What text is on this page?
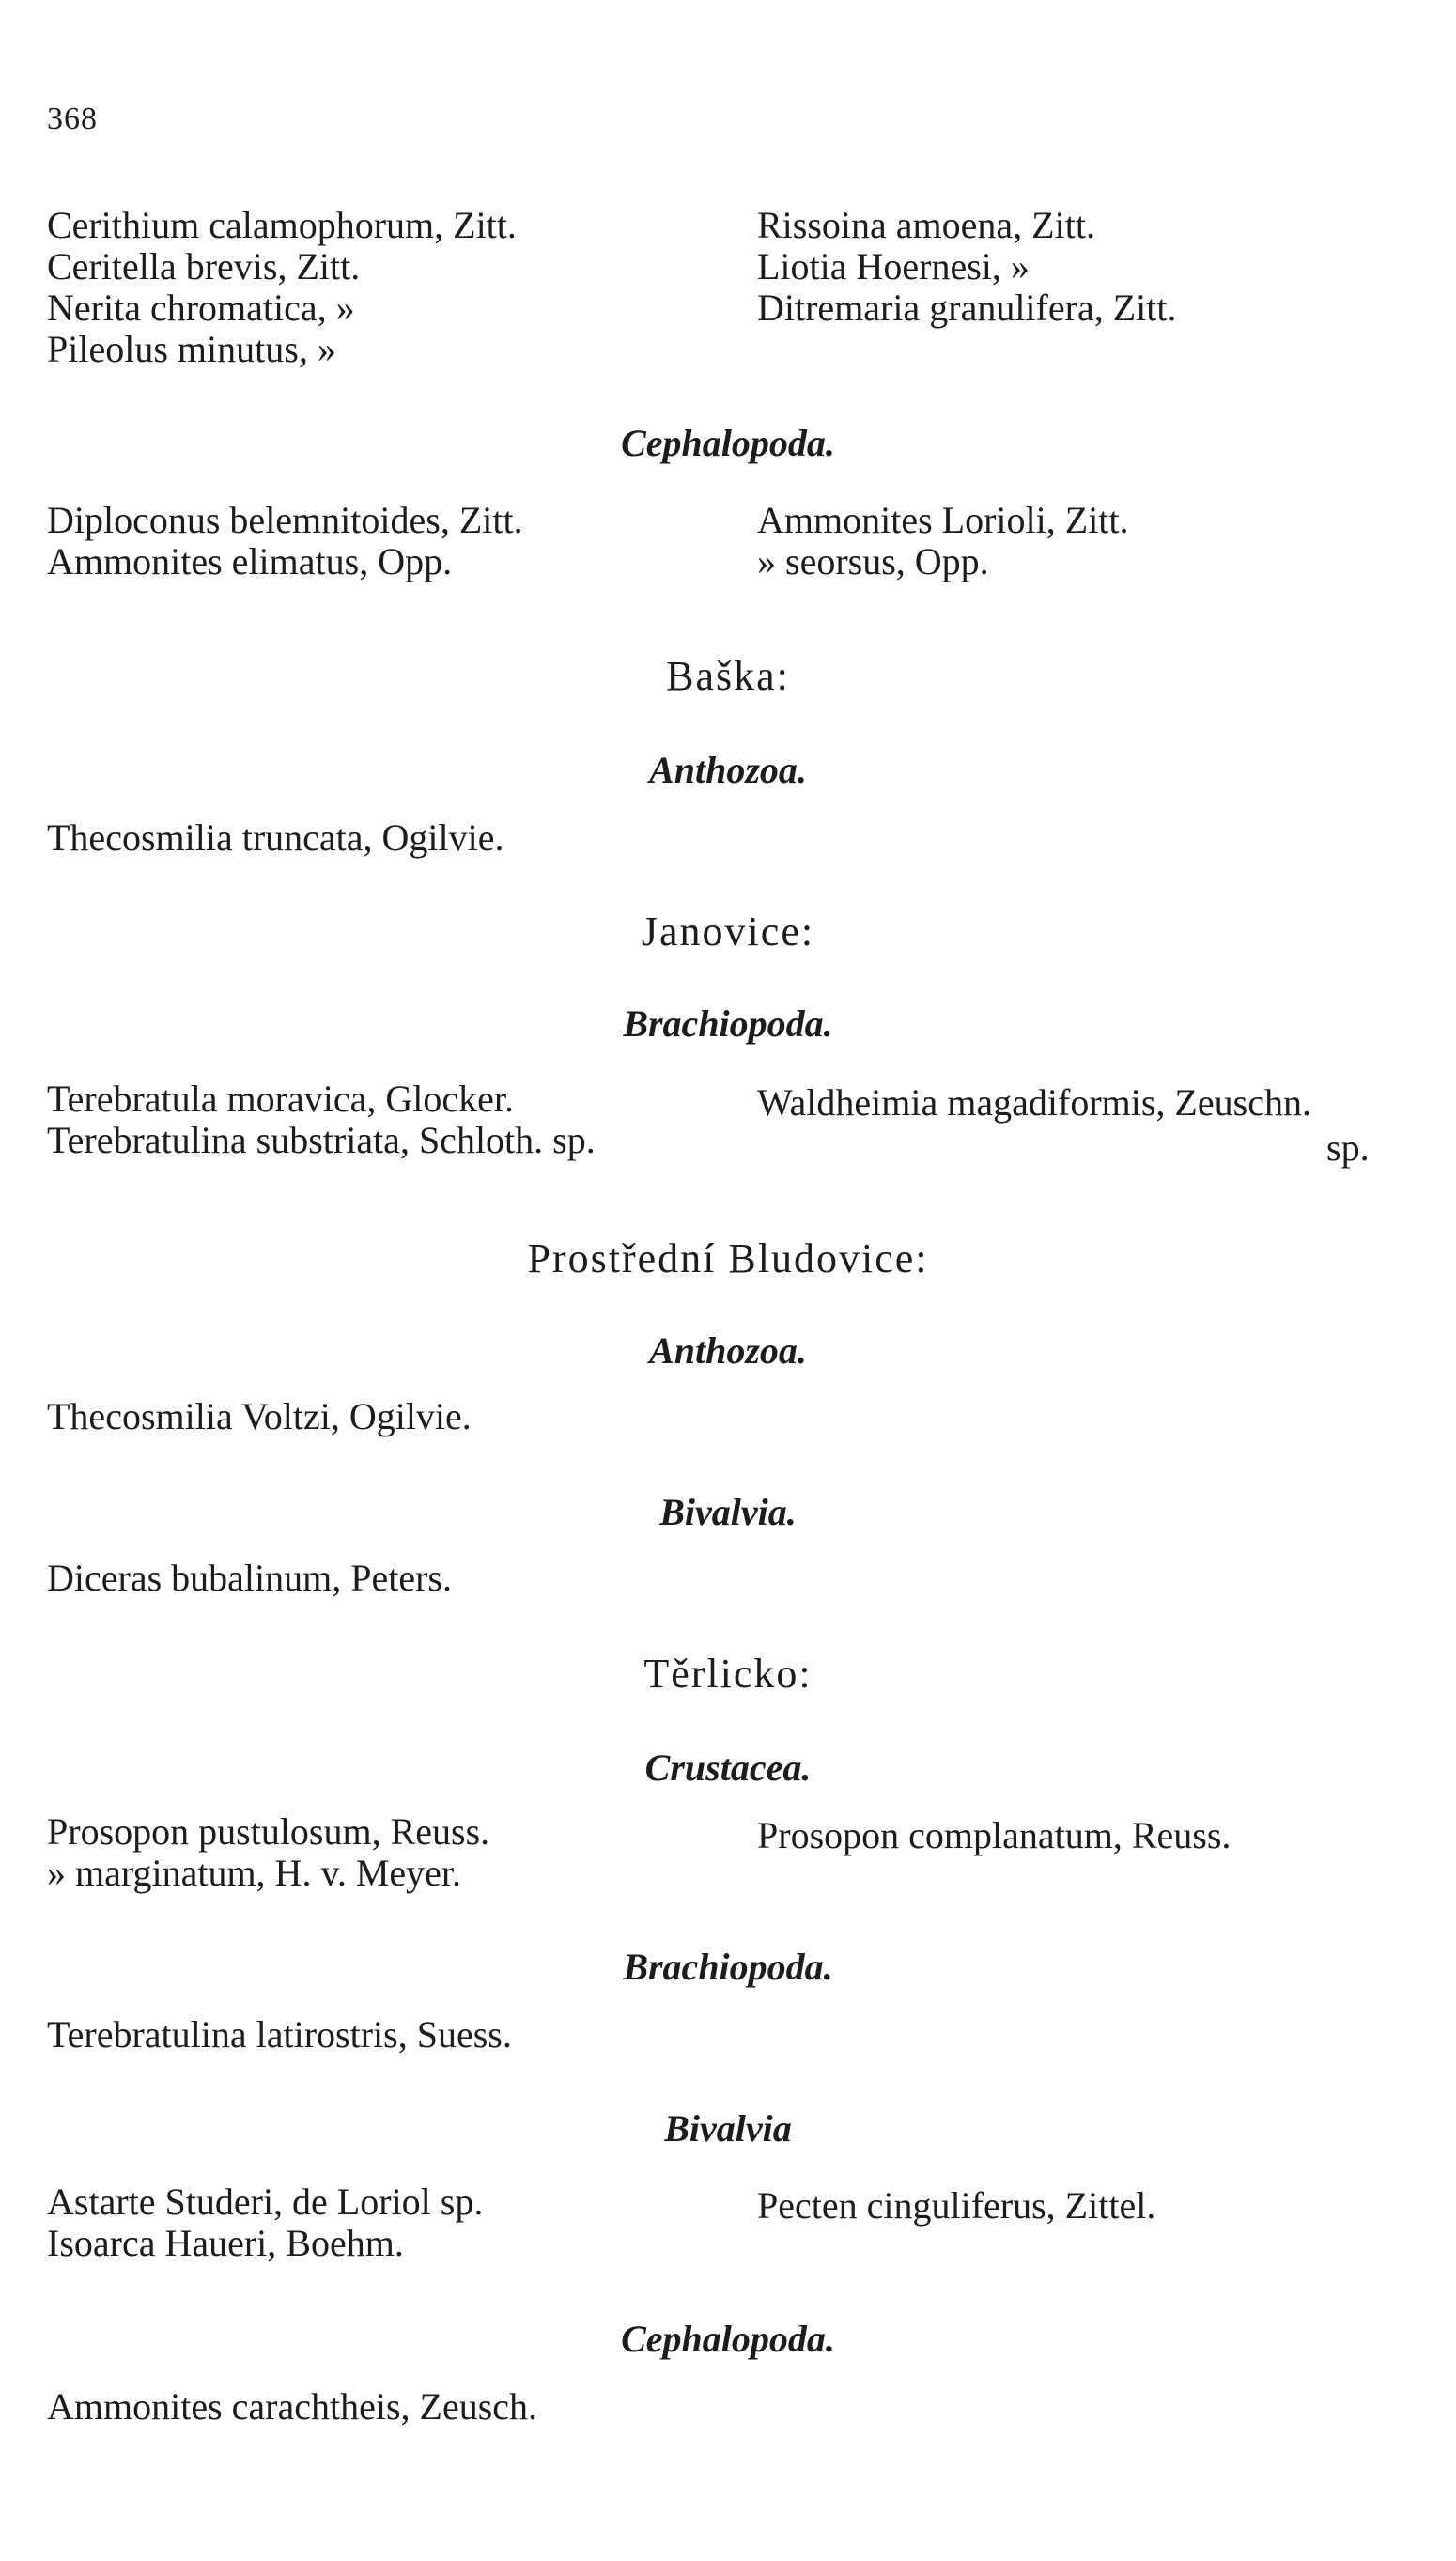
368
Cerithium calamophorum, Zitt.
Ceritella brevis, Zitt.
Nerita chromatica, »
Pileolus minutus, »
Rissoina amoena, Zitt.
Liotia Hoernesi, »
Ditremaria granulifera, Zitt.
Cephalopoda.
Diploconus belemnitoides, Zitt.
Ammonites elimatus, Opp.
Ammonites Lorioli, Zitt.
» seorsus, Opp.
Baška:
Anthozoa.
Thecosmilia truncata, Ogilvie.
Janovice:
Brachiopoda.
Terebratula moravica, Glocker.
Terebratulina substriata, Schloth. sp.
Waldheimia magadiformis, Zeuschn.
sp.
Prostřední Bludovice:
Anthozoa.
Thecosmilia Voltzi, Ogilvie.
Bivalvia.
Diceras bubalinum, Peters.
Těrlicko:
Crustacea.
Prosopon pustulosum, Reuss.
» marginatum, H. v. Meyer.
Prosopon complanatum, Reuss.
Brachiopoda.
Terebratulina latirostris, Suess.
Bivalvia
Astarte Studeri, de Loriol sp.
Isoarca Haueri, Boehm.
Pecten cinguliferus, Zittel.
Cephalopoda.
Ammonites carachtheis, Zeusch.
